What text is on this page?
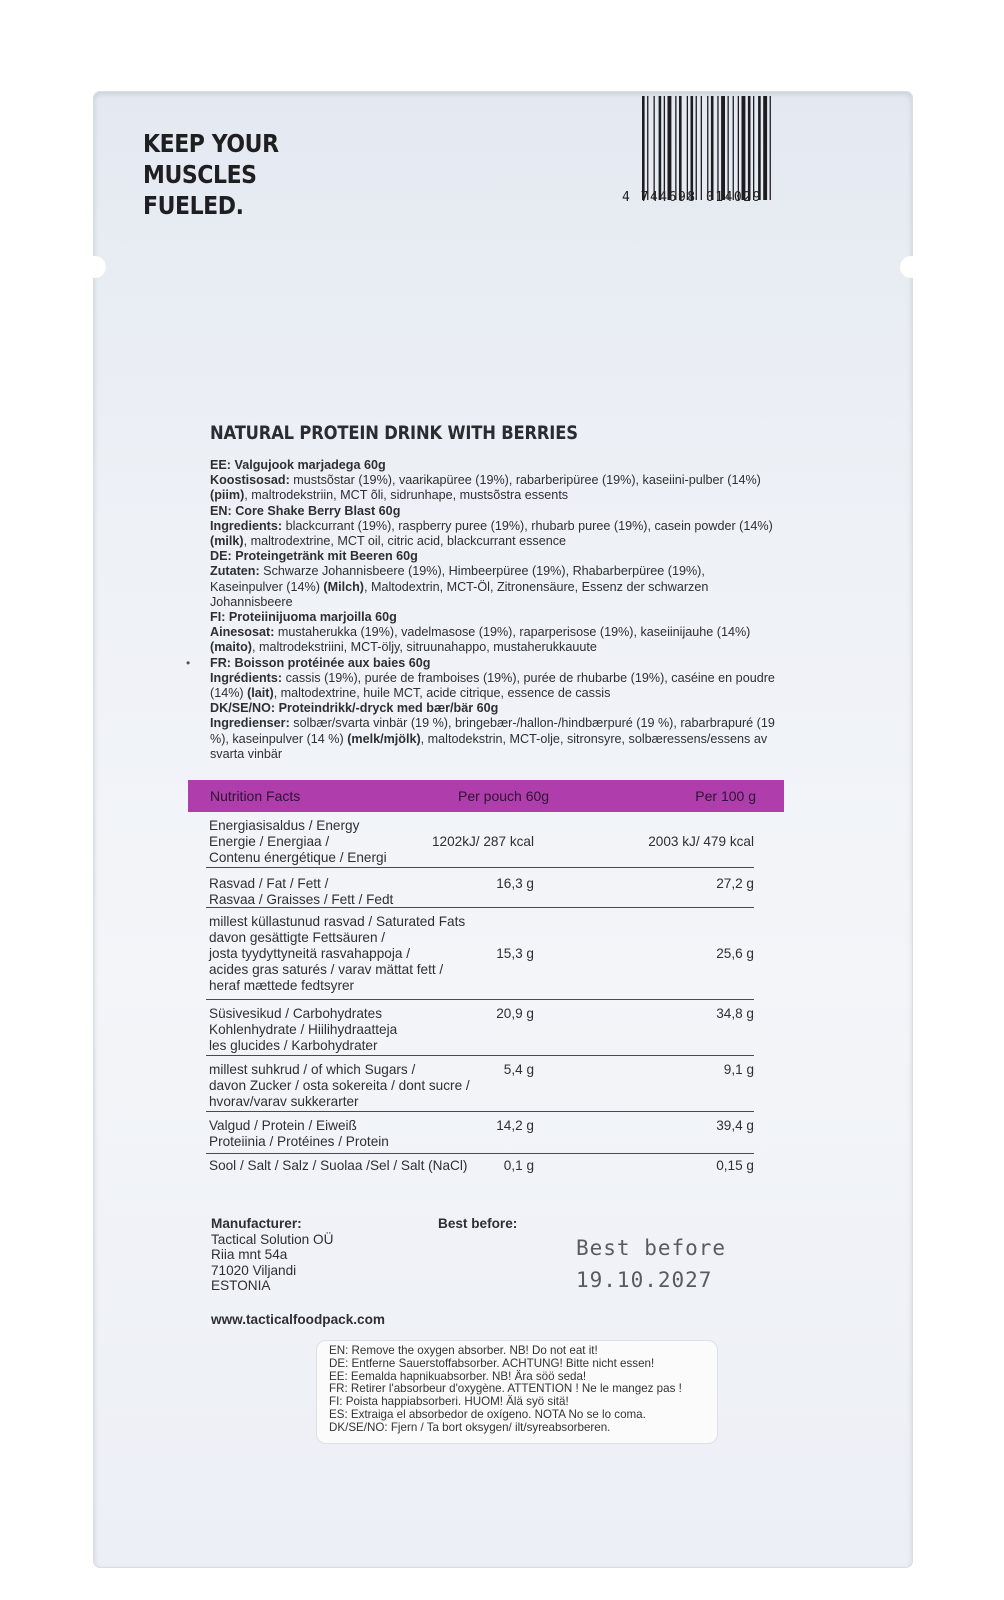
KEEP YOUR
MUSCLES
FUELED.	4 744698 014029
NATURAL PROTEIN DRINK WITH BERRIES
•

EE: Valgujook marjadega 60g

Koostisosad: mustsõstar (19%), vaarikapüree (19%), rabarberipüree (19%), kaseiini-pulber (14%) (piim), maltrodekstriin, MCT õli, sidrunhape, mustsõstra essents

EN: Core Shake Berry Blast 60g

Ingredients: blackcurrant (19%), raspberry puree (19%), rhubarb puree (19%), casein powder (14%) (milk), maltrodextrine, MCT oil, citric acid, blackcurrant essence

DE: Proteingetränk mit Beeren 60g

Zutaten: Schwarze Johannisbeere (19%), Himbeerpüree (19%), Rhabarberpüree (19%), Kaseinpulver (14%) (Milch), Maltodextrin, MCT-Öl, Zitronensäure, Essenz der schwarzen Johannisbeere

FI: Proteiinijuoma marjoilla 60g

Ainesosat: mustaherukka (19%), vadelmasose (19%), raparperisose (19%), kaseiinijauhe (14%) (maito), maltrodekstriini, MCT-öljy, sitruunahappo, mustaherukkauute

FR: Boisson protéinée aux baies 60g

Ingrédients: cassis (19%), purée de framboises (19%), purée de rhubarbe (19%), caséine en poudre (14%) (lait), maltodextrine, huile MCT, acide citrique, essence de cassis

DK/SE/NO: Proteindrikk/-dryck med bær/bär 60g

Ingredienser: solbær/svarta vinbär (19 %), bringebær-/hallon-/hindbærpuré (19 %), rabarbrapuré (19 %), kaseinpulver (14 %) (melk/mjölk), maltodekstrin, MCT-olje, sitronsyre, solbæressens/essens av svarta vinbär

Nutrition Facts	Per pouch 60g	Per 100 g
Energiasisaldus / Energy
Energie / Energiaa /
Contenu énergétique / Energi
1202kJ/ 287 kcal	2003 kJ/ 479 kcal
Rasvad / Fat / Fett /
Rasvaa / Graisses / Fett / Fedt
16,3 g	27,2 g
millest küllastunud rasvad / Saturated Fats
davon gesättigte Fettsäuren /
josta tyydyttyneitä rasvahappoja /
acides gras saturés / varav mättat fett /
heraf mættede fedtsyrer
15,3 g	25,6 g
Süsivesikud / Carbohydrates
Kohlenhydrate / Hiilihydraatteja
les glucides / Karbohydrater
20,9 g	34,8 g
millest suhkrud / of which Sugars /
davon Zucker / osta sokereita / dont sucre /
hvorav/varav sukkerarter
5,4 g	9,1 g
Valgud / Protein / Eiweiß
Proteiinia / Protéines / Protein
14,2 g	39,4 g
Sool / Salt / Salz / Suolaa /Sel / Salt (NaCl)	0,1 g	0,15 g
Manufacturer:
Tactical Solution OÜ
Riia mnt 54a
71020 Viljandi
ESTONIA
Best before:
Best before
19.10.2027
www.tacticalfoodpack.com
EN: Remove the oxygen absorber. NB! Do not eat it!
DE: Entferne Sauerstoffabsorber. ACHTUNG! Bitte nicht essen!
EE: Eemalda hapnikuabsorber. NB! Ära söö seda!
FR: Retirer l'absorbeur d'oxygène. ATTENTION ! Ne le mangez pas !
FI: Poista happiabsorberi. HUOM! Älä syö sitä!
ES: Extraiga el absorbedor de oxígeno. NOTA No se lo coma.
DK/SE/NO: Fjern / Ta bort oksygen/ ilt/syreabsorberen.
